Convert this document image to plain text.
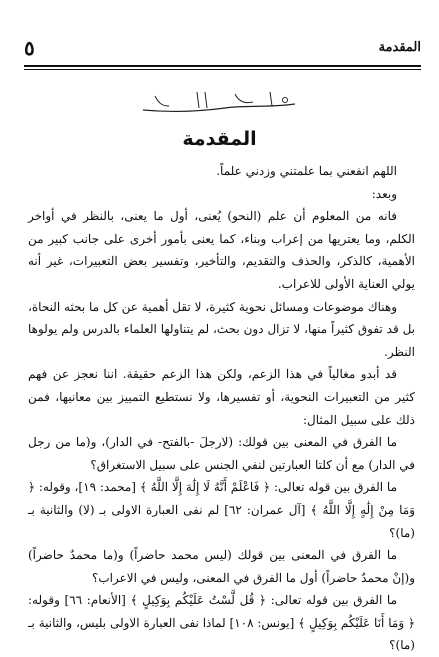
المقدمة
٥
المقدمة

اللهم انفعني بما علمتني وزدني علماً.

وبعد:

فانه من المعلوم أن علم (النحو) يُعنى، أول ما يعنى، بالنظر في أواخر الكلم، وما يعتريها من إعراب وبناء، كما يعنى بأمور أخرى على جانب كبير من الأهمية، كالذكر، والحذف والتقديم، والتأخير، وتفسير بعض التعبيرات، غير أنه يولي العناية الأولى للاعراب.

وهناك موضوعات ومسائل نحوية كثيرة، لا تقل أهمية عن كل ما بحثه النحاة، بل قد تفوق كثيراً منها، لا تزال دون بحث، لم يتناولها العلماء بالدرس ولم يولوها النظر.

قد أبدو مغالياً في هذا الزعم، ولكن هذا الزعم حقيقة. اننا نعجز عن فهم كثير من التعبيرات النحوية، أو تفسيرها، ولا نستطيع التمييز بين معانيها، فمن ذلك على سبيل المثال:

ما الفرق في المعنى بين قولك: (لارجلَ -بالفتح- في الدار)، و(ما من رجل في الدار) مع أن كلتا العبارتين لنفي الجنس على سبيل الاستغراق؟

ما الفرق بين قوله تعالى: ﴿ فَاعْلَمْ أَنَّهُ لَا إِلَٰهَ إِلَّا اللَّهُ ﴾ [محمد: ١٩]، وقوله: ﴿ وَمَا مِنْ إِلَٰهٍ إِلَّا اللَّهُ ﴾ [آل عمران: ٦٢] لم نفى العبارة الاولى بـ (لا) والثانية بـ (ما)؟

ما الفرق في المعنى بين قولك (ليس محمد حاضراً) و(ما محمدٌ حاضراً) و(إنْ محمدٌ حاضراً) أول ما الفرق في المعنى، وليس في الاعراب؟

ما الفرق بين قوله تعالى: ﴿ قُل لَّسْتُ عَلَيْكُم بِوَكِيلٍ ﴾ [الأنعام: ٦٦] وقوله: ﴿ وَمَا أَنَا عَلَيْكُم بِوَكِيلٍ ﴾ [يونس: ١٠٨] لماذا نفى العبارة الاولى بليس، والثانية بـ (ما)؟
